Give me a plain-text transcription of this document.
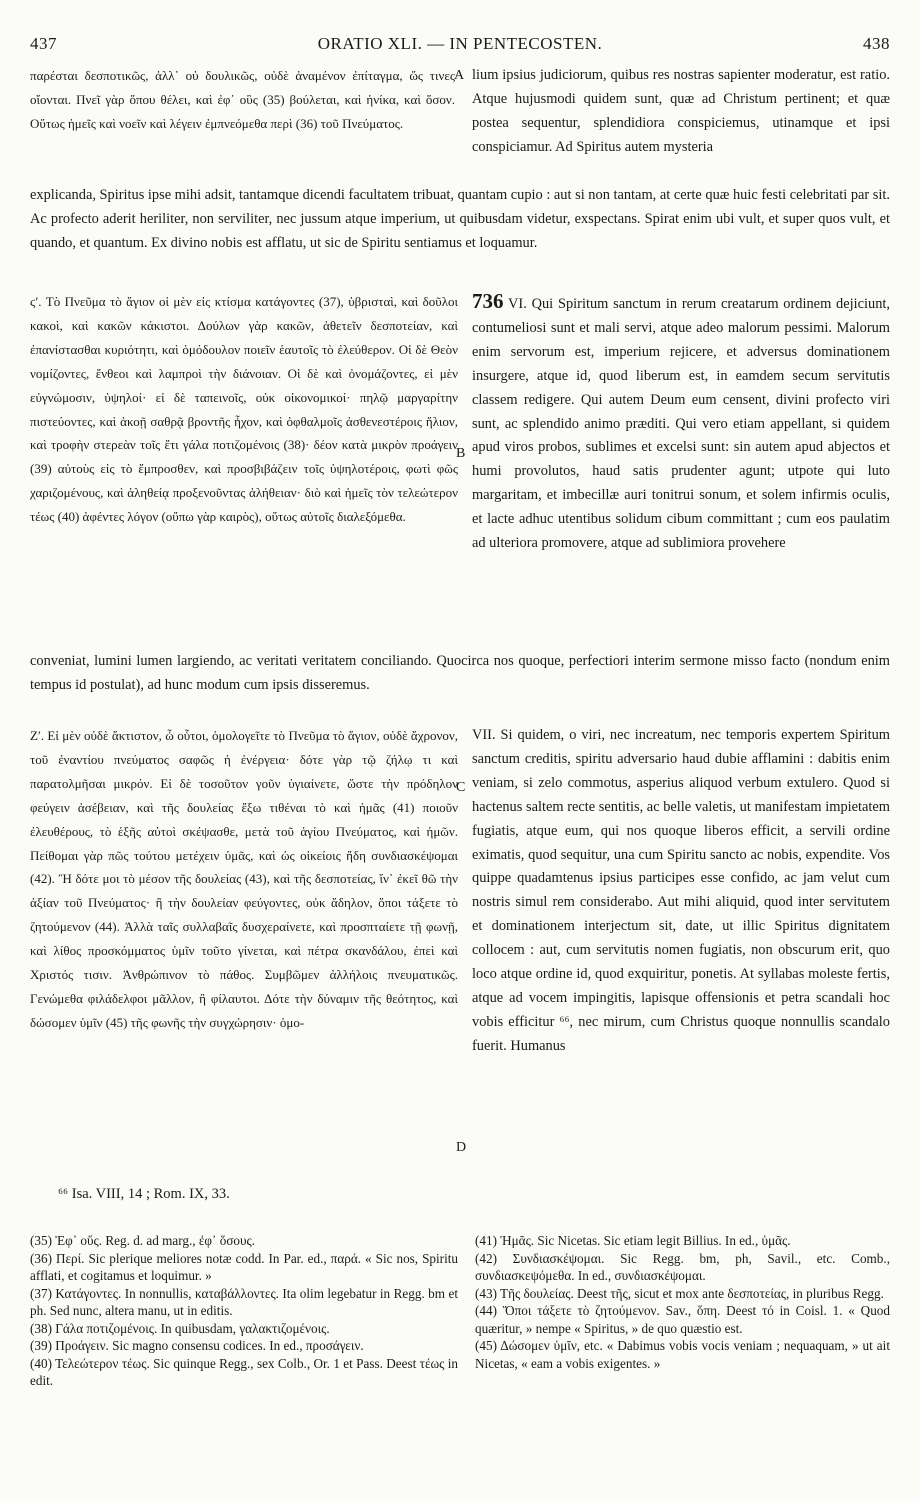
437	ORATIO XLI. — IN PENTECOSTEN.	438
παρέσται δεσποτικῶς, ἀλλ᾽ οὐ δουλικῶς, οὐδὲ ἀναμένον ἐπίταγμα, ὥς τινες οἴονται. Πνεῖ γὰρ ὅπου θέλει, καὶ ἐφ᾽ οὓς (35) βούλεται, καὶ ἡνίκα, καὶ ὅσον. Οὕτως ἡμεῖς καὶ νοεῖν καὶ λέγειν ἐμπνεόμεθα περὶ (36) τοῦ Πνεύματος.
A lium ipsius judiciorum, quibus res nostras sapienter moderatur, est ratio. Atque hujusmodi quidem sunt, quæ ad Christum pertinent; et quæ postea sequentur, splendidiora conspiciemus, utinamque et ipsi conspiciamur. Ad Spiritus autem mysteria
explicanda, Spiritus ipse mihi adsit, tantamque dicendi facultatem tribuat, quantam cupio : aut si non tantam, at certe quæ huic festi celebritati par sit. Ac profecto aderit heriliter, non serviliter, nec jussum atque imperium, ut quibusdam videtur, exspectans. Spirat enim ubi vult, et super quos vult, et quando, et quantum. Ex divino nobis est afflatu, ut sic de Spiritu sentiamus et loquamur.
ϛʹ. Τὸ Πνεῦμα τὸ ἅγιον οἱ μὲν εἰς κτίσμα κατάγοντες (37), ὑβρισταὶ, καὶ δοῦλοι κακοὶ, καὶ κακῶν κάκιστοι. Δούλων γὰρ κακῶν, ἀθετεῖν δεσποτείαν, καὶ ἐπανίστασθαι κυριότητι, καὶ ὁμόδουλον ποιεῖν ἑαυτοῖς τὸ ἐλεύθερον. Οἱ δὲ Θεὸν νομίζοντες, ἔνθεοι καὶ λαμπροὶ τὴν διάνοιαν. Οἱ δὲ καὶ ὀνομάζοντες, εἰ μὲν εὐγνώμοσιν, ὑψηλοί· εἰ δὲ ταπεινοῖς, οὐκ οἰκονομικοί· πηλῷ μαργαρίτην πιστεύοντες, καὶ ἀκοῇ σαθρᾷ βροντῆς ἦχον, καὶ ὀφθαλμοῖς ἀσθενεστέροις ἥλιον, καὶ τροφὴν στερεὰν τοῖς ἔτι γάλα ποτιζομένοις (38)· δέον κατὰ μικρὸν προάγειν (39) αὐτοὺς εἰς τὸ ἔμπροσθεν, καὶ προσβιβάζειν τοῖς ὑψηλοτέροις, φωτὶ φῶς χαριζομένους, καὶ ἀληθείᾳ προξενοῦντας ἀλήθειαν· διὸ καὶ ἡμεῖς τὸν τελεώτερον τέως (40) ἀφέντες λόγον (οὔπω γὰρ καιρὸς), οὕτως αὐτοῖς διαλεξόμεθα.
B
736 VI. Qui Spiritum sanctum in rerum creatarum ordinem dejiciunt, contumeliosi sunt et mali servi, atque adeo malorum pessimi. Malorum enim servorum est, imperium rejicere, et adversus dominationem insurgere, atque id, quod liberum est, in eamdem secum servitutis classem redigere. Qui autem Deum eum censent, divini profecto viri sunt, ac splendido animo præditi. Qui vero etiam appellant, si quidem apud viros probos, sublimes et excelsi sunt: sin autem apud abjectos et humi provolutos, haud satis prudenter agunt; utpote qui luto margaritam, et imbecillæ auri tonitrui sonum, et solem infirmis oculis, et lacte adhuc utentibus solidum cibum committant ; cum eos paulatim ad ulteriora promovere, atque ad sublimiora provehere
conveniat, lumini lumen largiendo, ac veritati veritatem conciliando. Quocirca nos quoque, perfectiori interim sermone misso facto (nondum enim tempus id postulat), ad hunc modum cum ipsis disseremus.
Ζʹ. Εἰ μὲν οὐδὲ ἄκτιστον, ὦ οὗτοι, ὁμολογεῖτε τὸ Πνεῦμα τὸ ἅγιον, οὐδὲ ἄχρονον, τοῦ ἐναντίου πνεύματος σαφῶς ἡ ἐνέργεια· δότε γὰρ τῷ ζήλῳ τι καὶ παρατολμῆσαι μικρόν. Εἰ δὲ τοσοῦτον γοῦν ὑγιαίνετε, ὥστε τὴν πρόδηλον φεύγειν ἀσέβειαν, καὶ τῆς δουλείας ἔξω τιθέναι τὸ καὶ ἡμᾶς (41) ποιοῦν ἐλευθέρους, τὸ ἑξῆς αὐτοὶ σκέψασθε, μετὰ τοῦ ἁγίου Πνεύματος, καὶ ἡμῶν. Πείθομαι γὰρ πῶς τούτου μετέχειν ὑμᾶς, καὶ ὡς οἰκείοις ἤδη συνδιασκέψομαι (42). Ἢ δότε μοι τὸ μέσον τῆς δουλείας (43), καὶ τῆς δεσποτείας, ἵν᾽ ἐκεῖ θῶ τὴν ἀξίαν τοῦ Πνεύματος· ἢ τὴν δουλείαν φεύγοντες, οὐκ ἄδηλον, ὅποι τάξετε τὸ ζητούμενον (44). Ἀλλὰ ταῖς συλλαβαῖς δυσχεραίνετε, καὶ προσπταίετε τῇ φωνῇ, καὶ λίθος προσκόμματος ὑμῖν τοῦτο γίνεται, καὶ πέτρα σκανδάλου, ἐπεὶ καὶ Χριστός τισιν. Ἀνθρώπινον τὸ πάθος. Συμβῶμεν ἀλλήλοις πνευματικῶς. Γενώμεθα φιλάδελφοι μᾶλλον, ἢ φίλαυτοι. Δότε τὴν δύναμιν τῆς θεότητος, καὶ δώσομεν ὑμῖν (45) τῆς φωνῆς τὴν συγχώρησιν· ὁμο-
C
D
VII. Si quidem, o viri, nec increatum, nec temporis expertem Spiritum sanctum creditis, spiritu adversario haud dubie afflamini : dabitis enim veniam, si zelo commotus, asperius aliquod verbum extulero. Quod si hactenus saltem recte sentitis, ac belle valetis, ut manifestam impietatem fugiatis, atque eum, qui nos quoque liberos efficit, a servili ordine eximatis, quod sequitur, una cum Spiritu sancto ac nobis, expendite. Vos quippe quadamtenus ipsius participes esse confido, ac jam velut cum nostris simul rem considerabo. Aut mihi aliquid, quod inter servitutem et dominationem interjectum sit, date, ut illic Spiritus dignitatem collocem : aut, cum servitutis nomen fugiatis, non obscurum erit, quo loco atque ordine id, quod exquiritur, ponetis. At syllabas moleste fertis, atque ad vocem impingitis, lapisque offensionis et petra scandali hoc vobis efficitur ⁶⁶, nec mirum, cum Christus quoque nonnullis scandalo fuerit. Humanus
⁶⁶ Isa. VIII, 14 ; Rom. IX, 33.

(35) Ἐφ᾽ οὕς. Reg. d. ad marg., ἐφ᾽ ὅσους.

(36) Περί. Sic plerique meliores notæ codd. In Par. ed., παρά. « Sic nos, Spiritu afflati, et cogitamus et loquimur. »

(37) Κατάγοντες. In nonnullis, καταβάλλοντες. Ita olim legebatur in Regg. bm et ph. Sed nunc, altera manu, ut in editis.

(38) Γάλα ποτιζομένοις. In quibusdam, γαλακτιζομένοις.

(39) Προάγειν. Sic magno consensu codices. In ed., προσάγειν.

(40) Τελεώτερον τέως. Sic quinque Regg., sex Colb., Or. 1 et Pass. Deest τέως in edit.

(41) Ἡμᾶς. Sic Nicetas. Sic etiam legit Billius. In ed., ὑμᾶς.

(42) Συνδιασκέψομαι. Sic Regg. bm, ph, Savil., etc. Comb., συνδιασκεψόμεθα. In ed., συνδιασκέψομαι.

(43) Τῆς δουλείας. Deest τῆς, sicut et mox ante δεσποτείας, in pluribus Regg.

(44) Ὅποι τάξετε τὸ ζητούμενον. Sav., ὅπη. Deest τό in Coisl. 1. « Quod quæritur, » nempe « Spiritus, » de quo quæstio est.

(45) Δώσομεν ὑμῖν, etc. « Dabimus vobis vocis veniam ; nequaquam, » ut ait Nicetas, « eam a vobis exigentes. »
